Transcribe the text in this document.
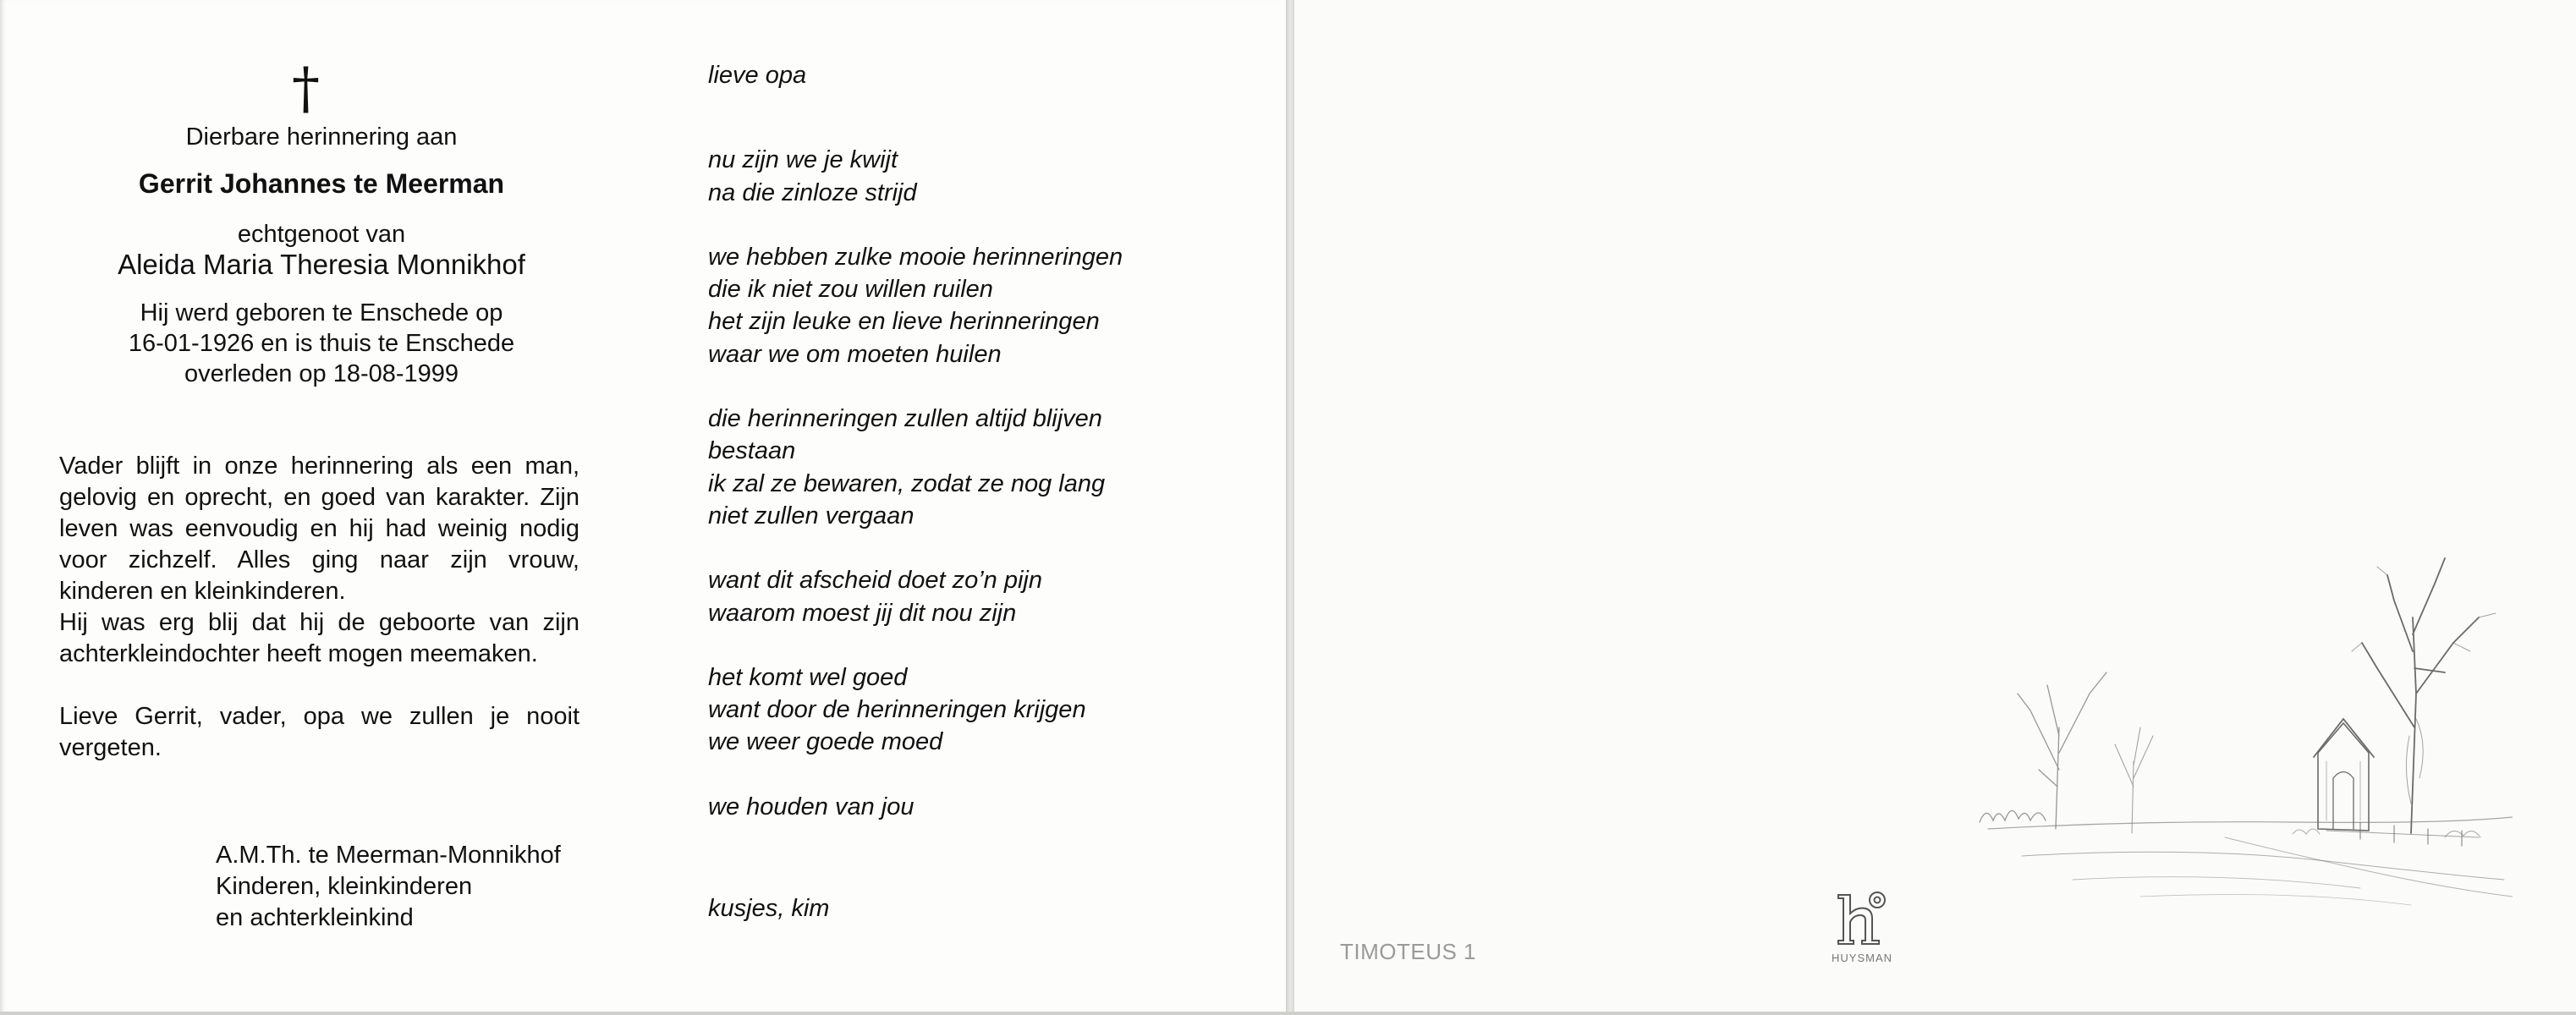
†
Dierbare herinnering aan
Gerrit Johannes te Meerman
echtgenoot van
Aleida Maria Theresia Monnikhof
Hij werd geboren te Enschede op
16-01-1926 en is thuis te Enschede
overleden op 18-08-1999
Vader blijft in onze herinnering als een man, gelovig en oprecht, en goed van karakter. Zijn leven was eenvoudig en hij had weinig nodig voor zichzelf. Alles ging naar zijn vrouw, kinderen en kleinkinderen.
Hij was erg blij dat hij de geboorte van zijn achterkleindochter heeft mogen meemaken.
Lieve Gerrit, vader, opa we zullen je nooit vergeten.
A.M.Th. te Meerman-Monnikhof
Kinderen, kleinkinderen
en achterkleinkind
lieve opa
nu zijn we je kwijt
na die zinloze strijd
we hebben zulke mooie herinneringen
die ik niet zou willen ruilen
het zijn leuke en lieve herinneringen
waar we om moeten huilen
die herinneringen zullen altijd blijven
bestaan
ik zal ze bewaren, zodat ze nog lang
niet zullen vergaan
want dit afscheid doet zo’n pijn
waarom moest jij dit nou zijn
het komt wel goed
want door de herinneringen krijgen
we weer goede moed
we houden van jou
kusjes, kim
TIMOTEUS 1	HUYSMAN
